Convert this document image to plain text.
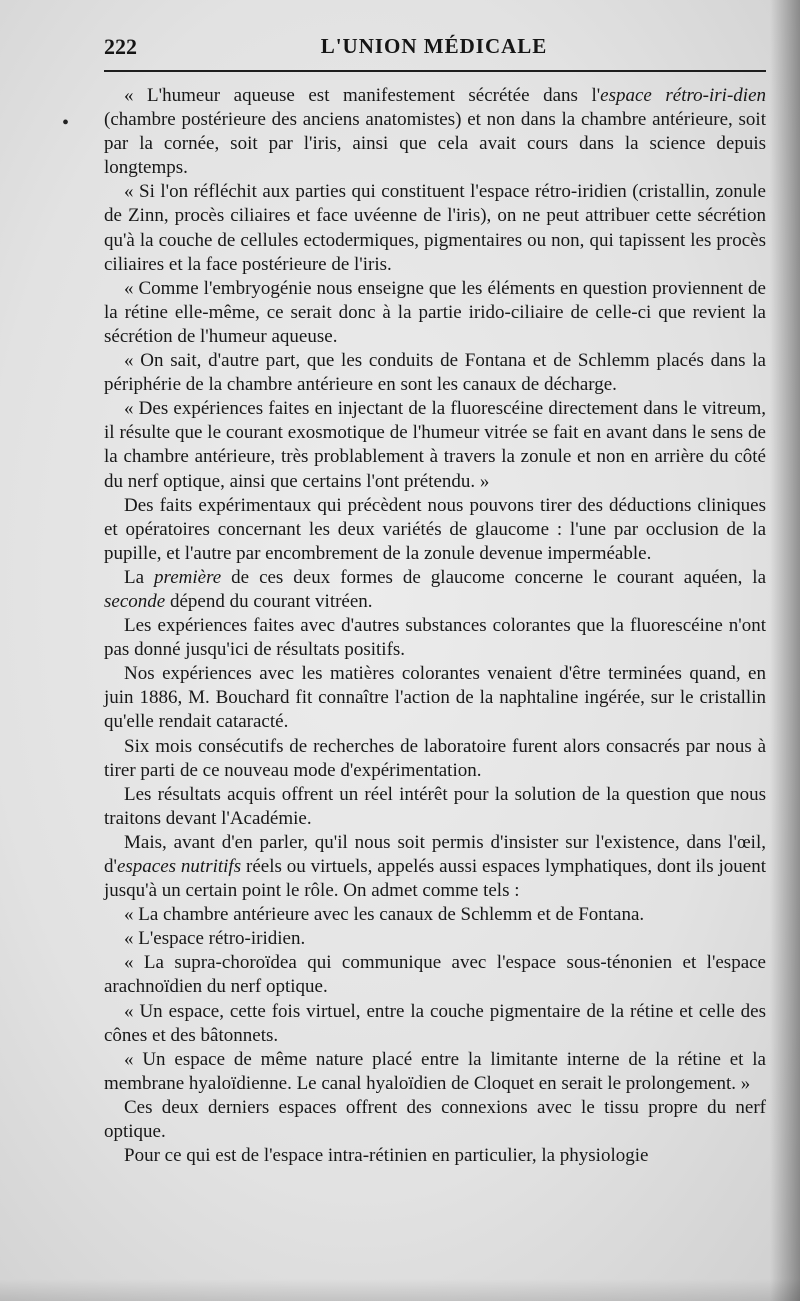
222	L'UNION MÉDICALE
•

« L'humeur aqueuse est manifestement sécrétée dans l'espace rétro-iri-dien (chambre postérieure des anciens anatomistes) et non dans la chambre antérieure, soit par la cornée, soit par l'iris, ainsi que cela avait cours dans la science depuis longtemps.

« Si l'on réfléchit aux parties qui constituent l'espace rétro-iridien (cristallin, zonule de Zinn, procès ciliaires et face uvéenne de l'iris), on ne peut attribuer cette sécrétion qu'à la couche de cellules ectodermiques, pigmentaires ou non, qui tapissent les procès ciliaires et la face postérieure de l'iris.

« Comme l'embryogénie nous enseigne que les éléments en question proviennent de la rétine elle-même, ce serait donc à la partie irido-ciliaire de celle-ci que revient la sécrétion de l'humeur aqueuse.

« On sait, d'autre part, que les conduits de Fontana et de Schlemm placés dans la périphérie de la chambre antérieure en sont les canaux de décharge.

« Des expériences faites en injectant de la fluorescéine directement dans le vitreum, il résulte que le courant exosmotique de l'humeur vitrée se fait en avant dans le sens de la chambre antérieure, très problablement à travers la zonule et non en arrière du côté du nerf optique, ainsi que certains l'ont prétendu. »

Des faits expérimentaux qui précèdent nous pouvons tirer des déductions cliniques et opératoires concernant les deux variétés de glaucome : l'une par occlusion de la pupille, et l'autre par encombrement de la zonule devenue imperméable.

La première de ces deux formes de glaucome concerne le courant aquéen, la seconde dépend du courant vitréen.

Les expériences faites avec d'autres substances colorantes que la fluorescéine n'ont pas donné jusqu'ici de résultats positifs.

Nos expériences avec les matières colorantes venaient d'être terminées quand, en juin 1886, M. Bouchard fit connaître l'action de la naphtaline ingérée, sur le cristallin qu'elle rendait cataracté.

Six mois consécutifs de recherches de laboratoire furent alors consacrés par nous à tirer parti de ce nouveau mode d'expérimentation.

Les résultats acquis offrent un réel intérêt pour la solution de la question que nous traitons devant l'Académie.

Mais, avant d'en parler, qu'il nous soit permis d'insister sur l'existence, dans l'œil, d'espaces nutritifs réels ou virtuels, appelés aussi espaces lymphatiques, dont ils jouent jusqu'à un certain point le rôle. On admet comme tels :

« La chambre antérieure avec les canaux de Schlemm et de Fontana.

« L'espace rétro-iridien.

« La supra-choroïdea qui communique avec l'espace sous-ténonien et l'espace arachnoïdien du nerf optique.

« Un espace, cette fois virtuel, entre la couche pigmentaire de la rétine et celle des cônes et des bâtonnets.

« Un espace de même nature placé entre la limitante interne de la rétine et la membrane hyaloïdienne. Le canal hyaloïdien de Cloquet en serait le prolongement. »

Ces deux derniers espaces offrent des connexions avec le tissu propre du nerf optique.

Pour ce qui est de l'espace intra-rétinien en particulier, la physiologie
